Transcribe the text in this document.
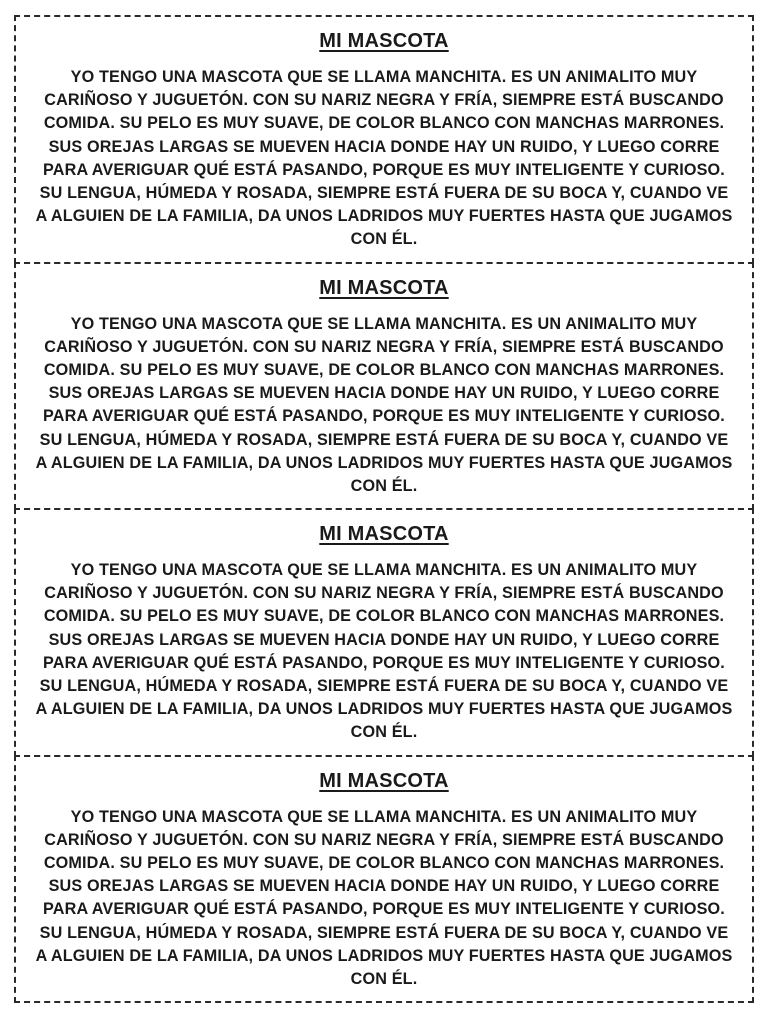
MI MASCOTA

YO TENGO UNA MASCOTA QUE SE LLAMA MANCHITA. ES UN ANIMALITO MUY CARIÑOSO Y JUGUETÓN. CON SU NARIZ NEGRA Y FRÍA, SIEMPRE ESTÁ BUSCANDO COMIDA. SU PELO ES MUY SUAVE, DE COLOR BLANCO CON MANCHAS MARRONES. SUS OREJAS LARGAS SE MUEVEN HACIA DONDE HAY UN RUIDO, Y LUEGO CORRE PARA AVERIGUAR QUÉ ESTÁ PASANDO, PORQUE ES MUY INTELIGENTE Y CURIOSO. SU LENGUA, HÚMEDA Y ROSADA, SIEMPRE ESTÁ FUERA DE SU BOCA Y, CUANDO VE A ALGUIEN DE LA FAMILIA, DA UNOS LADRIDOS MUY FUERTES HASTA QUE JUGAMOS CON ÉL.

MI MASCOTA

YO TENGO UNA MASCOTA QUE SE LLAMA MANCHITA. ES UN ANIMALITO MUY CARIÑOSO Y JUGUETÓN. CON SU NARIZ NEGRA Y FRÍA, SIEMPRE ESTÁ BUSCANDO COMIDA. SU PELO ES MUY SUAVE, DE COLOR BLANCO CON MANCHAS MARRONES. SUS OREJAS LARGAS SE MUEVEN HACIA DONDE HAY UN RUIDO, Y LUEGO CORRE PARA AVERIGUAR QUÉ ESTÁ PASANDO, PORQUE ES MUY INTELIGENTE Y CURIOSO. SU LENGUA, HÚMEDA Y ROSADA, SIEMPRE ESTÁ FUERA DE SU BOCA Y, CUANDO VE A ALGUIEN DE LA FAMILIA, DA UNOS LADRIDOS MUY FUERTES HASTA QUE JUGAMOS CON ÉL.

MI MASCOTA

YO TENGO UNA MASCOTA QUE SE LLAMA MANCHITA. ES UN ANIMALITO MUY CARIÑOSO Y JUGUETÓN. CON SU NARIZ NEGRA Y FRÍA, SIEMPRE ESTÁ BUSCANDO COMIDA. SU PELO ES MUY SUAVE, DE COLOR BLANCO CON MANCHAS MARRONES. SUS OREJAS LARGAS SE MUEVEN HACIA DONDE HAY UN RUIDO, Y LUEGO CORRE PARA AVERIGUAR QUÉ ESTÁ PASANDO, PORQUE ES MUY INTELIGENTE Y CURIOSO. SU LENGUA, HÚMEDA Y ROSADA, SIEMPRE ESTÁ FUERA DE SU BOCA Y, CUANDO VE A ALGUIEN DE LA FAMILIA, DA UNOS LADRIDOS MUY FUERTES HASTA QUE JUGAMOS CON ÉL.

MI MASCOTA

YO TENGO UNA MASCOTA QUE SE LLAMA MANCHITA. ES UN ANIMALITO MUY CARIÑOSO Y JUGUETÓN. CON SU NARIZ NEGRA Y FRÍA, SIEMPRE ESTÁ BUSCANDO COMIDA. SU PELO ES MUY SUAVE, DE COLOR BLANCO CON MANCHAS MARRONES. SUS OREJAS LARGAS SE MUEVEN HACIA DONDE HAY UN RUIDO, Y LUEGO CORRE PARA AVERIGUAR QUÉ ESTÁ PASANDO, PORQUE ES MUY INTELIGENTE Y CURIOSO. SU LENGUA, HÚMEDA Y ROSADA, SIEMPRE ESTÁ FUERA DE SU BOCA Y, CUANDO VE A ALGUIEN DE LA FAMILIA, DA UNOS LADRIDOS MUY FUERTES HASTA QUE JUGAMOS CON ÉL.
